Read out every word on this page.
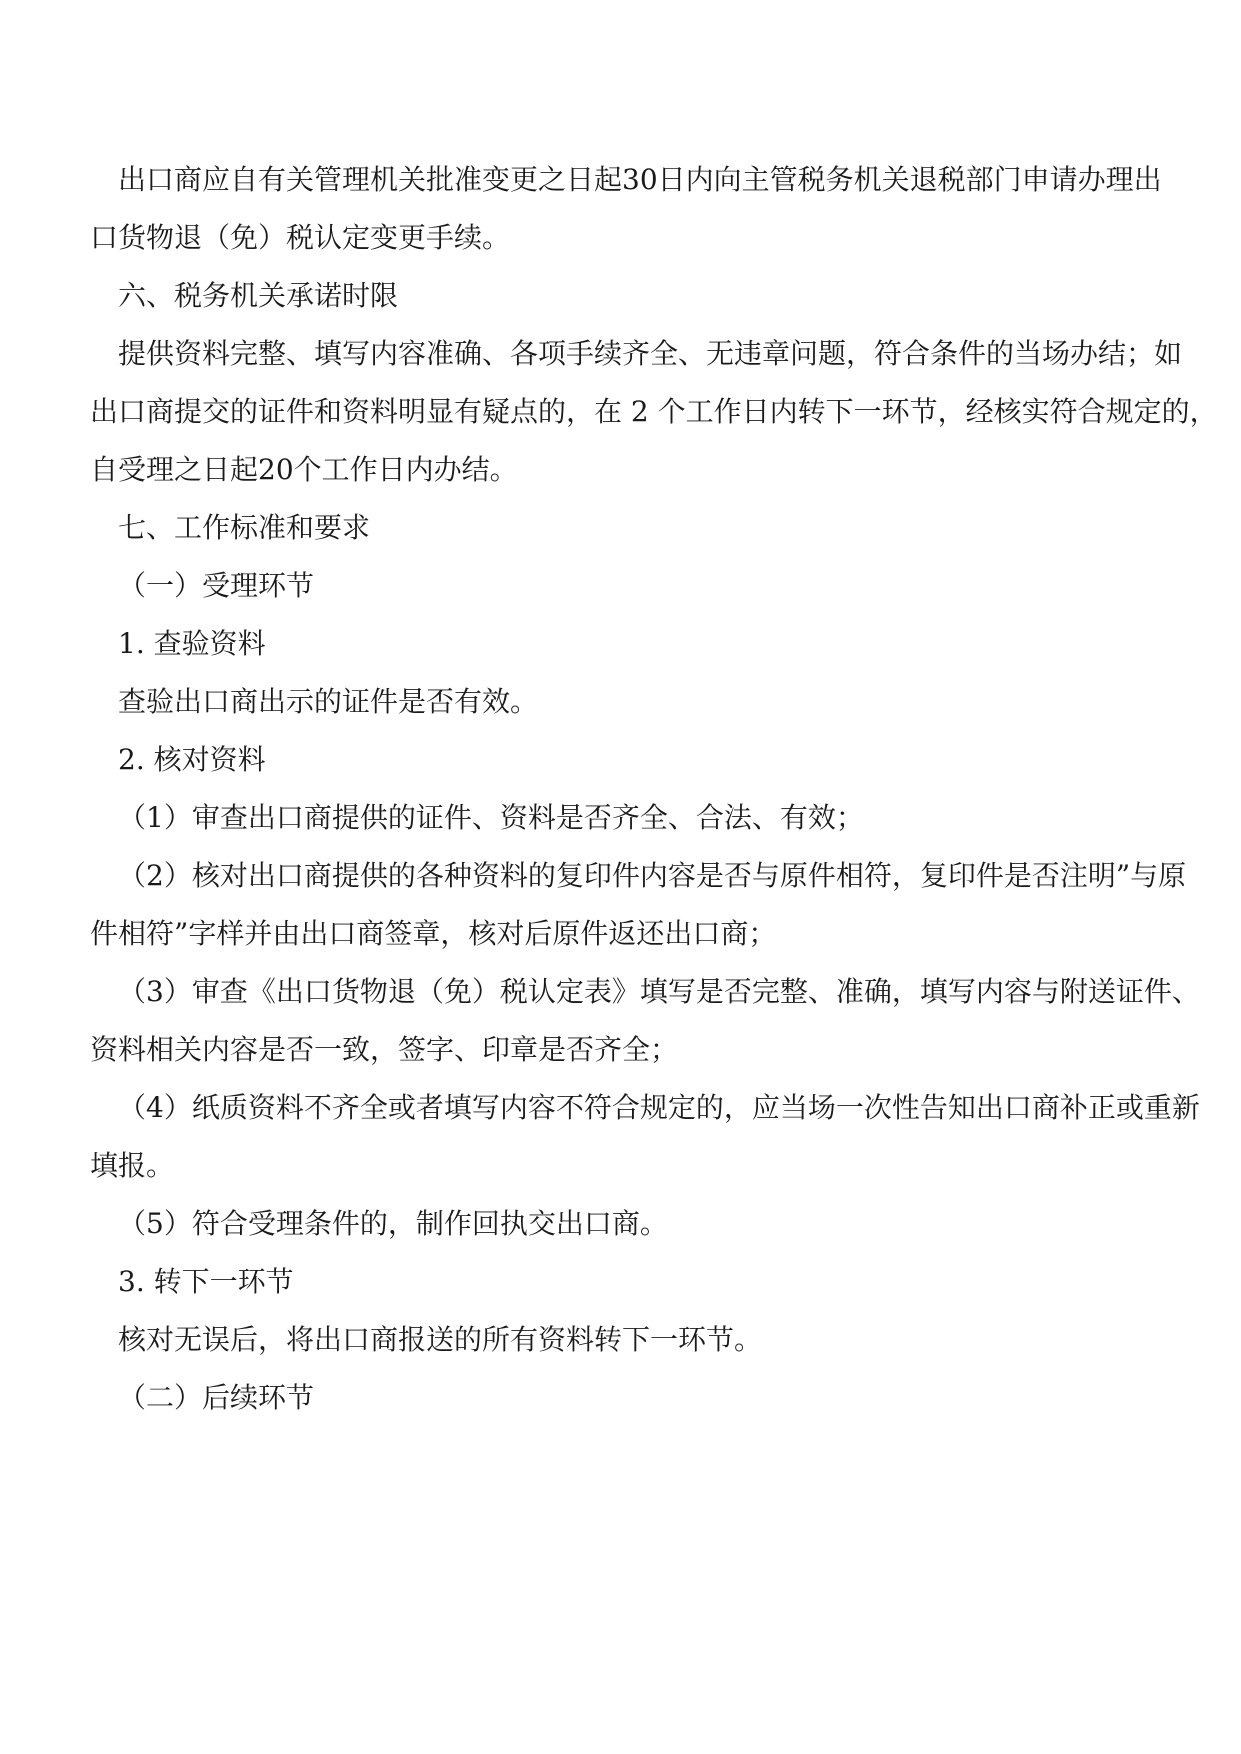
出口商应自有关管理机关批准变更之日起30日内向主管税务机关退税部门申请办理出
口货物退（免）税认定变更手续。
六、税务机关承诺时限
提供资料完整、填写内容准确、各项手续齐全、无违章问题，符合条件的当场办结；如
出口商提交的证件和资料明显有疑点的，在 2 个工作日内转下一环节，经核实符合规定的，
自受理之日起20个工作日内办结。
七、工作标准和要求
（一）受理环节
1. 查验资料
查验出口商出示的证件是否有效。
2. 核对资料
（1）审查出口商提供的证件、资料是否齐全、合法、有效；
（2）核对出口商提供的各种资料的复印件内容是否与原件相符，复印件是否注明”与原
件相符”字样并由出口商签章，核对后原件返还出口商；
（3）审查《出口货物退（免）税认定表》填写是否完整、准确，填写内容与附送证件、
资料相关内容是否一致，签字、印章是否齐全；
（4）纸质资料不齐全或者填写内容不符合规定的，应当场一次性告知出口商补正或重新
填报。
（5）符合受理条件的，制作回执交出口商。
3. 转下一环节
核对无误后，将出口商报送的所有资料转下一环节。
（二）后续环节
